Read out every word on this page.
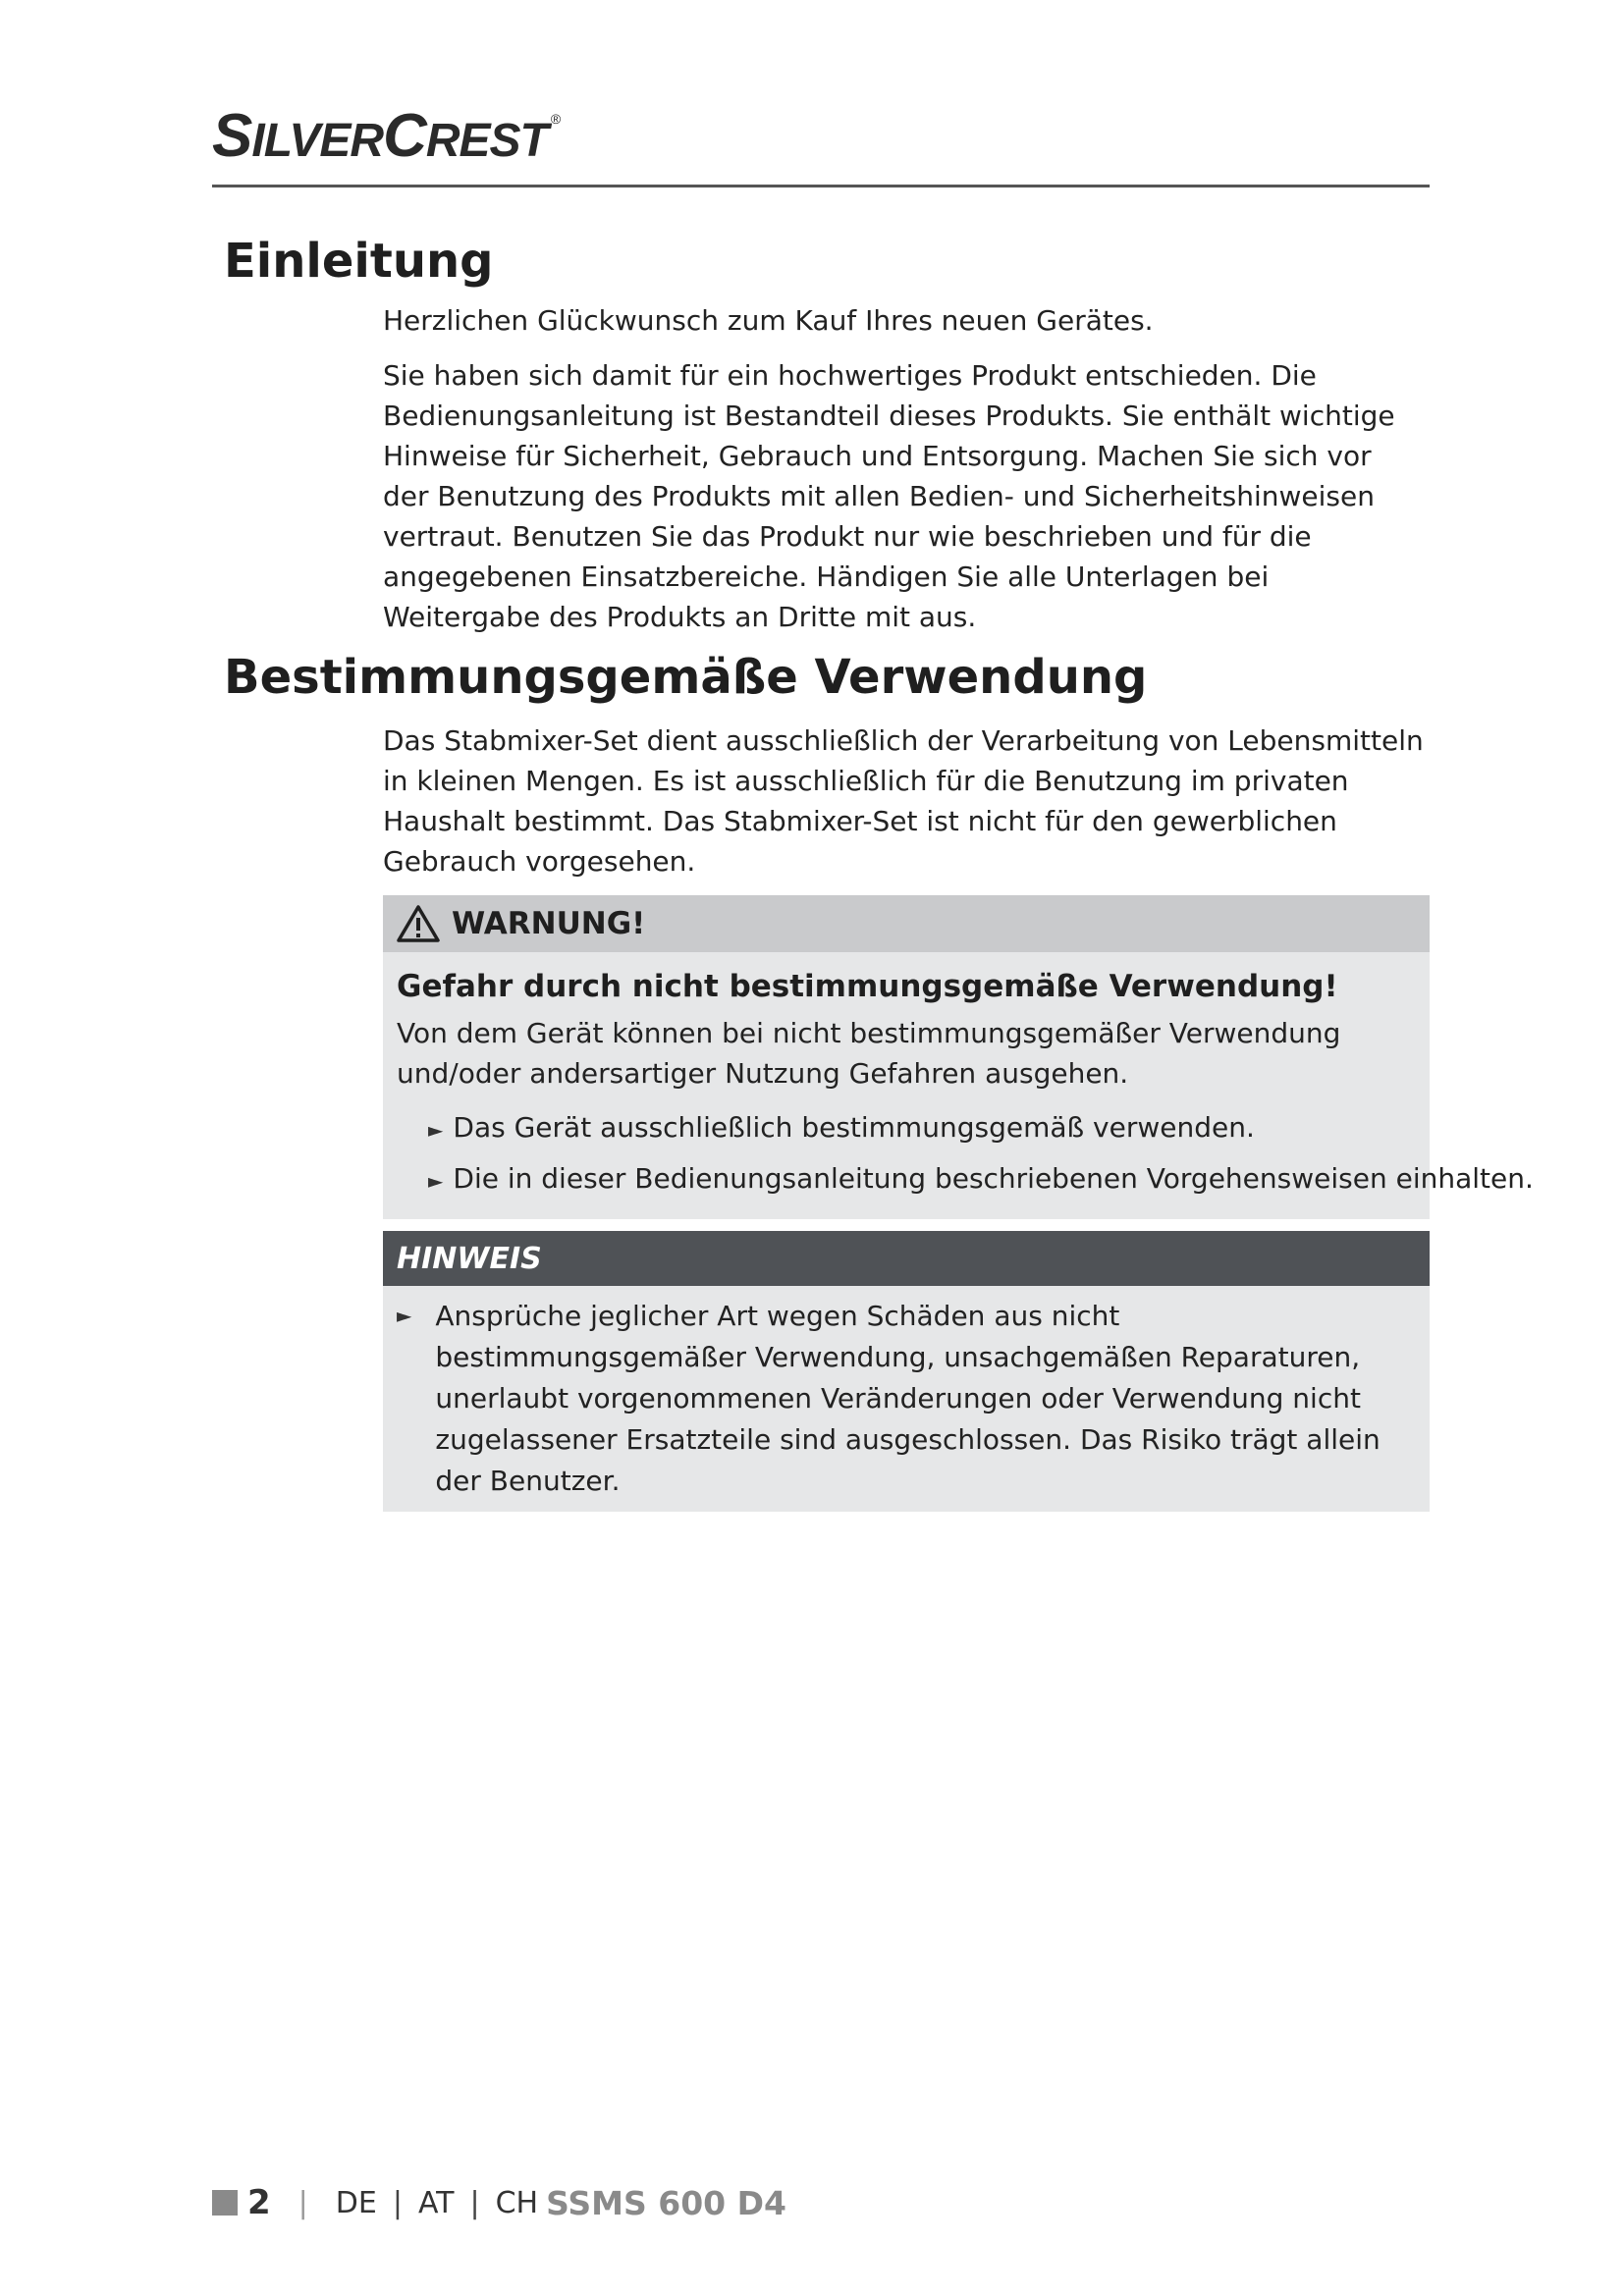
SILVERCREST ®
Einleitung

Herzlichen Glückwunsch zum Kauf Ihres neuen Gerätes.

Sie haben sich damit für ein hochwertiges Produkt entschieden. Die Bedienungsanleitung ist Bestandteil dieses Produkts. Sie enthält wichtige Hinweise für Sicherheit, Gebrauch und Entsorgung. Machen Sie sich vor der Benutzung des Produkts mit allen Bedien- und Sicherheitshinweisen vertraut. Benutzen Sie das Produkt nur wie beschrieben und für die angegebenen Einsatzbereiche. Händigen Sie alle Unterlagen bei Weitergabe des Produkts an Dritte mit aus.

Bestimmungsgemäße Verwendung

Das Stabmixer-Set dient ausschließlich der Verarbeitung von Lebensmitteln in kleinen Mengen. Es ist ausschließlich für die Benutzung im privaten Haushalt bestimmt. Das Stabmixer-Set ist nicht für den gewerblichen Gebrauch vorgesehen.

WARNUNG!
Gefahr durch nicht bestimmungsgemäße Verwendung!
Von dem Gerät können bei nicht bestimmungsgemäßer Verwendung und/oder andersartiger Nutzung Gefahren ausgehen.
► Das Gerät ausschließlich bestimmungsgemäß verwenden.
► Die in dieser Bedienungsanleitung beschriebenen Vorgehensweisen einhalten.
HINWEIS
► Ansprüche jeglicher Art wegen Schäden aus nicht bestimmungsgemäßer Verwendung, unsachgemäßen Reparaturen, unerlaubt vorgenommenen Veränderungen oder Verwendung nicht zugelassener Ersatzteile sind ausgeschlossen. Das Risiko trägt allein der Benutzer.
2 | DE | AT | CH SSMS 600 D4
